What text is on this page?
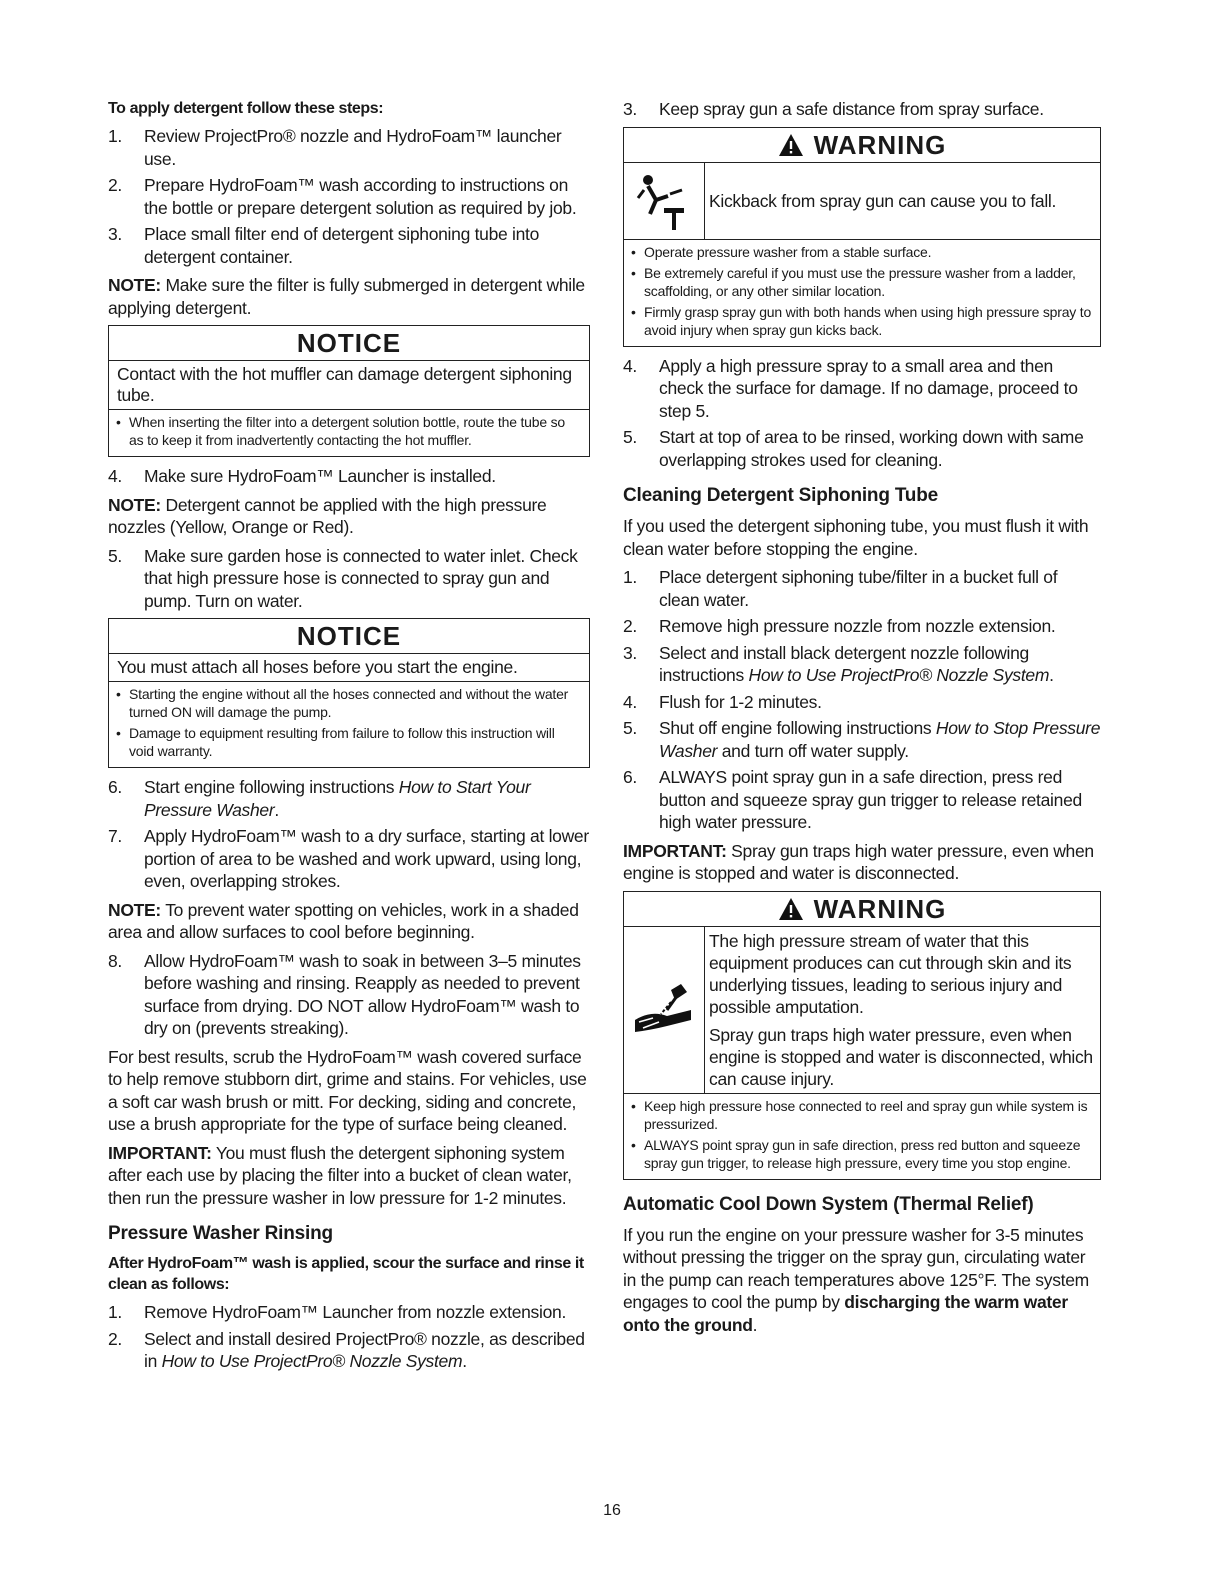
To apply detergent follow these steps:
1. Review ProjectPro® nozzle and HydroFoam™ launcher use.
2. Prepare HydroFoam™ wash according to instructions on the bottle or prepare detergent solution as required by job.
3. Place small filter end of detergent siphoning tube into detergent container.

NOTE: Make sure the filter is fully submerged in detergent while applying detergent.

NOTICE
Contact with the hot muffler can damage detergent siphoning tube.
• When inserting the filter into a detergent solution bottle, route the tube so as to keep it from inadvertently contacting the hot muffler.
4. Make sure HydroFoam™ Launcher is installed.

NOTE: Detergent cannot be applied with the high pressure nozzles (Yellow, Orange or Red).

5. Make sure garden hose is connected to water inlet. Check that high pressure hose is connected to spray gun and pump. Turn on water.
NOTICE
You must attach all hoses before you start the engine.
• Starting the engine without all the hoses connected and without the water turned ON will damage the pump.
• Damage to equipment resulting from failure to follow this instruction will void warranty.
6. Start engine following instructions How to Start Your Pressure Washer.
7. Apply HydroFoam™ wash to a dry surface, starting at lower portion of area to be washed and work upward, using long, even, overlapping strokes.

NOTE: To prevent water spotting on vehicles, work in a shaded area and allow surfaces to cool before beginning.

8. Allow HydroFoam™ wash to soak in between 3–5 minutes before washing and rinsing. Reapply as needed to prevent surface from drying. DO NOT allow HydroFoam™ wash to dry on (prevents streaking).

For best results, scrub the HydroFoam™ wash covered surface to help remove stubborn dirt, grime and stains. For vehicles, use a soft car wash brush or mitt. For decking, siding and concrete, use a brush appropriate for the type of surface being cleaned.

IMPORTANT: You must flush the detergent siphoning system after each use by placing the filter into a bucket of clean water, then run the pressure washer in low pressure for 1-2 minutes.

Pressure Washer Rinsing
After HydroFoam™ wash is applied, scour the surface and rinse it clean as follows:
1. Remove HydroFoam™ Launcher from nozzle extension.
2. Select and install desired ProjectPro® nozzle, as described in How to Use ProjectPro® Nozzle System.
3. Keep spray gun a safe distance from spray surface.
WARNING
Kickback from spray gun can cause you to fall.
• Operate pressure washer from a stable surface.
• Be extremely careful if you must use the pressure washer from a ladder, scaffolding, or any other similar location.
• Firmly grasp spray gun with both hands when using high pressure spray to avoid injury when spray gun kicks back.
4. Apply a high pressure spray to a small area and then check the surface for damage. If no damage, proceed to step 5.
5. Start at top of area to be rinsed, working down with same overlapping strokes used for cleaning.
Cleaning Detergent Siphoning Tube

If you used the detergent siphoning tube, you must flush it with clean water before stopping the engine.

1. Place detergent siphoning tube/filter in a bucket full of clean water.
2. Remove high pressure nozzle from nozzle extension.
3. Select and install black detergent nozzle following instructions How to Use ProjectPro® Nozzle System.
4. Flush for 1-2 minutes.
5. Shut off engine following instructions How to Stop Pressure Washer and turn off water supply.
6. ALWAYS point spray gun in a safe direction, press red button and squeeze spray gun trigger to release retained high water pressure.

IMPORTANT: Spray gun traps high water pressure, even when engine is stopped and water is disconnected.

WARNING

The high pressure stream of water that this equipment produces can cut through skin and its underlying tissues, leading to serious injury and possible amputation.

Spray gun traps high water pressure, even when engine is stopped and water is disconnected, which can cause injury.

• Keep high pressure hose connected to reel and spray gun while system is pressurized.
• ALWAYS point spray gun in safe direction, press red button and squeeze spray gun trigger, to release high pressure, every time you stop engine.
Automatic Cool Down System (Thermal Relief)

If you run the engine on your pressure washer for 3-5 minutes without pressing the trigger on the spray gun, circulating water in the pump can reach temperatures above 125°F. The system engages to cool the pump by discharging the warm water onto the ground.

16
